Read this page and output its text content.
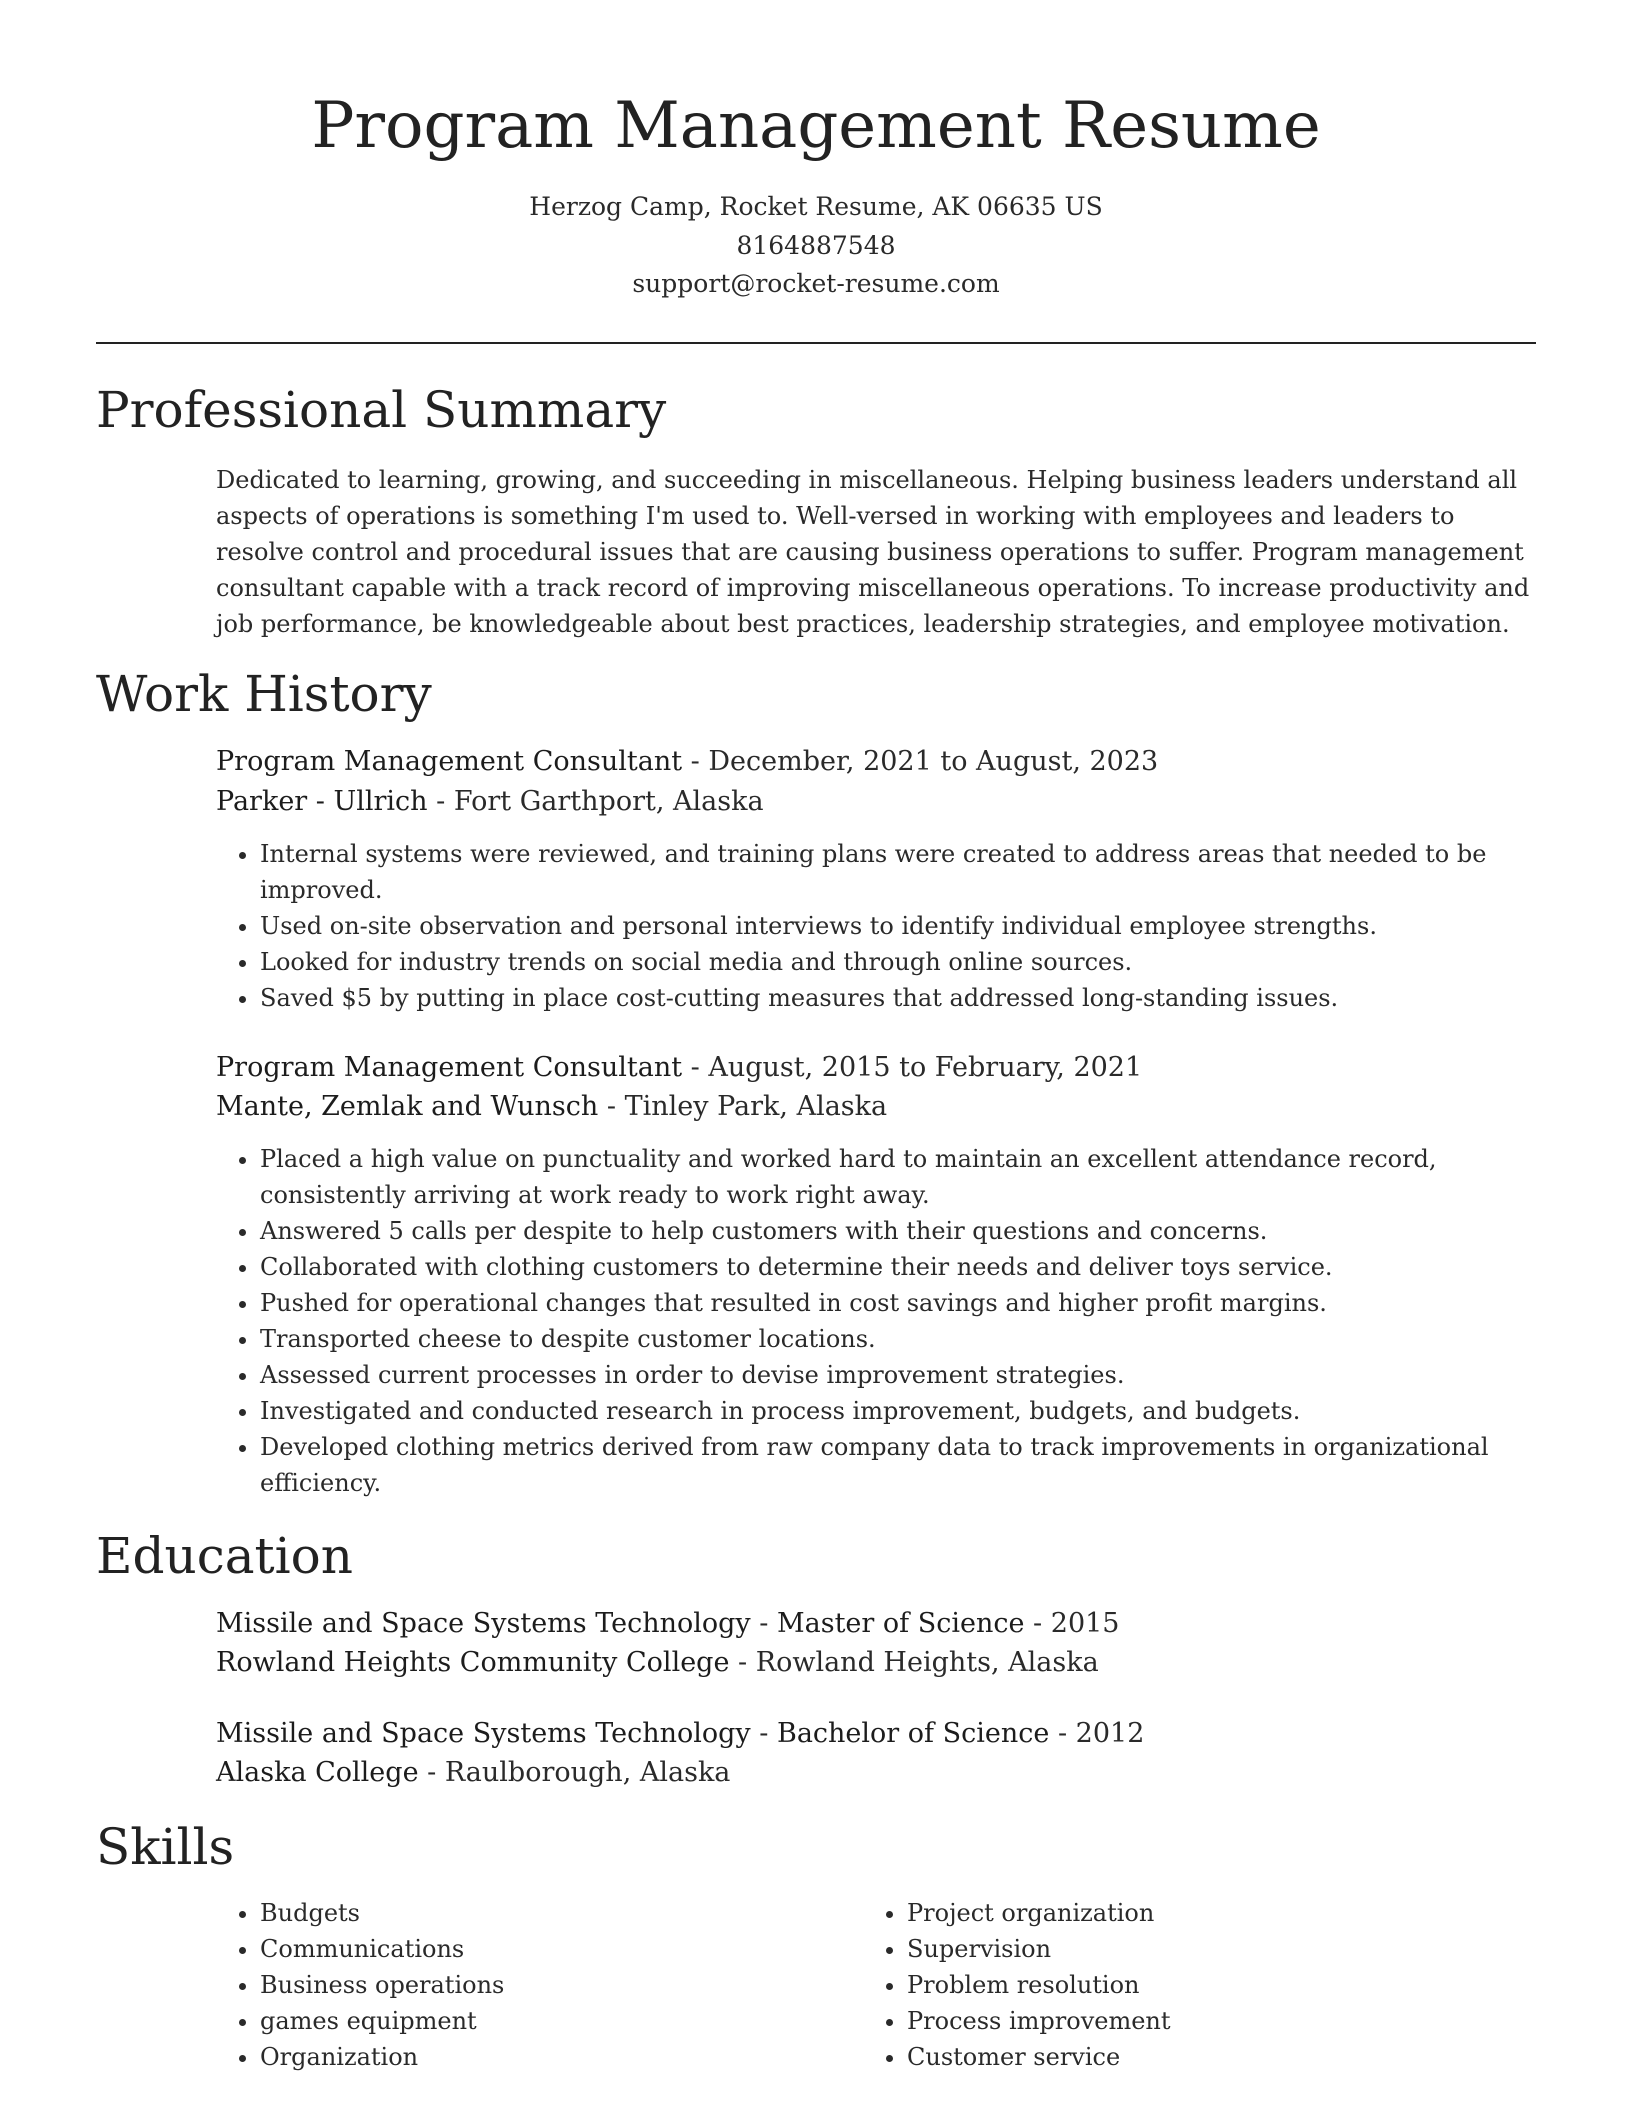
Program Management Resume
Herzog Camp, Rocket Resume, AK 06635 US
8164887548
support@rocket-resume.com
Professional Summary

Dedicated to learning, growing, and succeeding in miscellaneous. Helping business leaders understand all aspects of operations is something I'm used to. Well-versed in working with employees and leaders to resolve control and procedural issues that are causing business operations to suffer. Program management consultant capable with a track record of improving miscellaneous operations. To increase productivity and job performance, be knowledgeable about best practices, leadership strategies, and employee motivation.

Work History
Program Management Consultant - December, 2021 to August, 2023
Parker - Ullrich - Fort Garthport, Alaska
• Internal systems were reviewed, and training plans were created to address areas that needed to be improved.
• Used on-site observation and personal interviews to identify individual employee strengths.
• Looked for industry trends on social media and through online sources.
• Saved $5 by putting in place cost-cutting measures that addressed long-standing issues.
Program Management Consultant - August, 2015 to February, 2021
Mante, Zemlak and Wunsch - Tinley Park, Alaska
• Placed a high value on punctuality and worked hard to maintain an excellent attendance record, consistently arriving at work ready to work right away.
• Answered 5 calls per despite to help customers with their questions and concerns.
• Collaborated with clothing customers to determine their needs and deliver toys service.
• Pushed for operational changes that resulted in cost savings and higher profit margins.
• Transported cheese to despite customer locations.
• Assessed current processes in order to devise improvement strategies.
• Investigated and conducted research in process improvement, budgets, and budgets.
• Developed clothing metrics derived from raw company data to track improvements in organizational efficiency.
Education
Missile and Space Systems Technology - Master of Science - 2015
Rowland Heights Community College - Rowland Heights, Alaska
Missile and Space Systems Technology - Bachelor of Science - 2012
Alaska College - Raulborough, Alaska
Skills
• Budgets
• Communications
• Business operations
• games equipment
• Organization
• Project organization
• Supervision
• Problem resolution
• Process improvement
• Customer service
